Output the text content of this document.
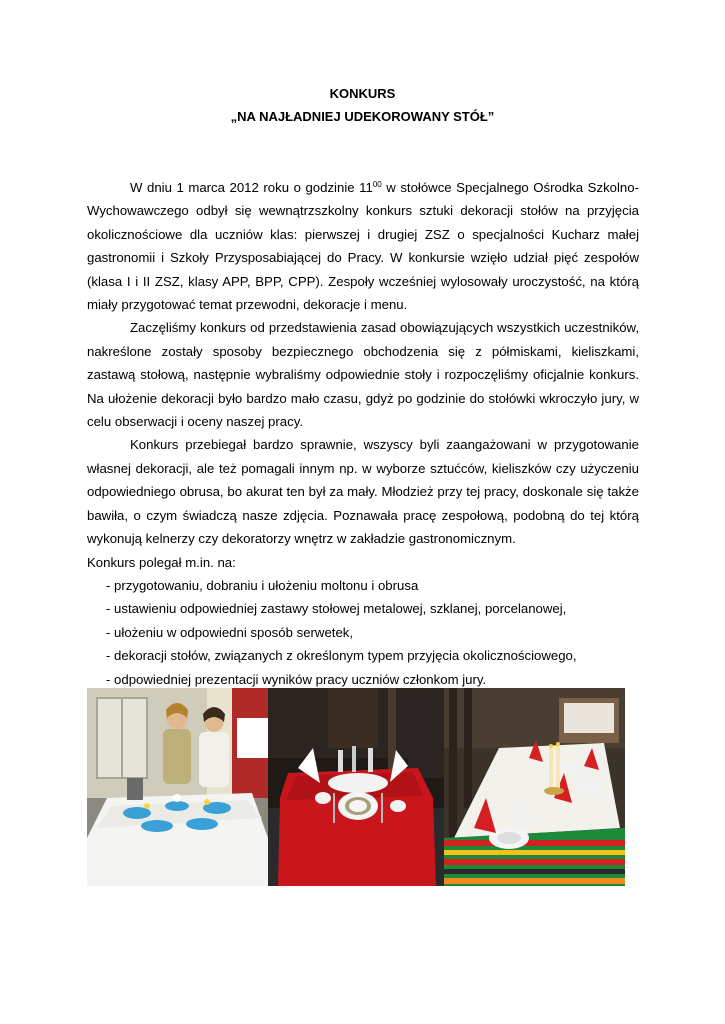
KONKURS
„NA NAJŁADNIEJ UDEKOROWANY STÓŁ”

W dniu 1 marca 2012 roku o godzinie $11^{00}$ w stołówce Specjalnego Ośrodka Szkolno-Wychowawczego odbył się wewnątrzszkolny konkurs sztuki dekoracji stołów na przyjęcia okolicznościowe dla uczniów klas: pierwszej i drugiej ZSZ o specjalności Kucharz małej gastronomii i Szkoły Przysposabiającej do Pracy. W konkursie wzięło udział pięć zespołów (klasa I i II ZSZ, klasy APP, BPP, CPP). Zespoły wcześniej wylosowały uroczystość, na którą miały przygotować temat przewodni, dekoracje i menu.

Zaczęliśmy konkurs od przedstawienia zasad obowiązujących wszystkich uczestników, nakreślone zostały sposoby bezpiecznego obchodzenia się z półmiskami, kieliszkami, zastawą stołową, następnie wybraliśmy odpowiednie stoły i rozpoczęliśmy oficjalnie konkurs. Na ułożenie dekoracji było bardzo mało czasu, gdyż po godzinie do stołówki wkroczyło jury, w celu obserwacji i oceny naszej pracy.

Konkurs przebiegał bardzo sprawnie, wszyscy byli zaangażowani w przygotowanie własnej dekoracji, ale też pomagali innym np. w wyborze sztućców, kieliszków czy użyczeniu odpowiedniego obrusa, bo akurat ten był za mały. Młodzież przy tej pracy, doskonale się także bawiła, o czym świadczą nasze zdjęcia. Poznawała pracę zespołową, podobną do tej którą wykonują kelnerzy czy dekoratorzy wnętrz w zakładzie gastronomicznym.

Konkurs polegał m.in. na:

- przygotowaniu, dobraniu i ułożeniu moltonu i obrusa
- ustawieniu odpowiedniej zastawy stołowej metalowej, szklanej, porcelanowej,
- ułożeniu w odpowiedni sposób serwetek,
- dekoracji stołów, związanych z określonym typem przyjęcia okolicznościowego,
- odpowiedniej prezentacji wyników pracy uczniów członkom jury.
